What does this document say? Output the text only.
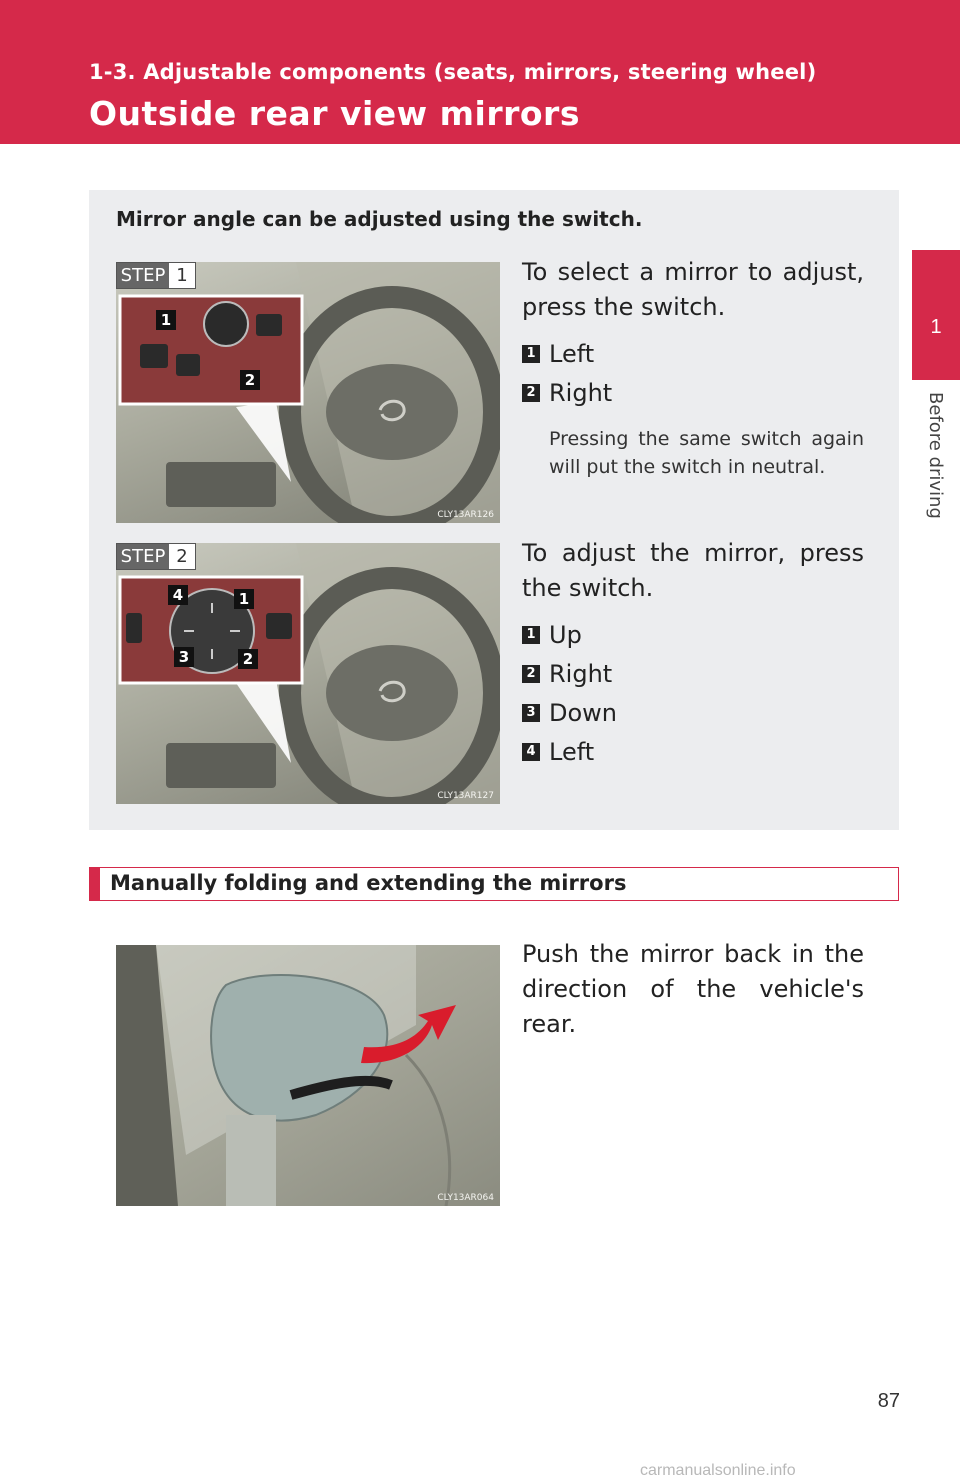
1-3. Adjustable components (seats, mirrors, steering wheel)
Outside rear view mirrors
1
Before driving
Mirror angle can be adjusted using the switch.
1
2
CLY13AR126
STEP 1	To select a mirror to adjust, press the switch.
1 Left
2 Right
Pressing the same switch again will put the switch in neutral.
4	1
3	2
CLY13AR127
STEP 2	To adjust the mirror, press the switch.
1 Up
2 Right
3 Down
4 Left
Manually folding and extending the mirrors
CLY13AR064
Push the mirror back in the direction of the vehicle's rear.
87
carmanualsonline.info
